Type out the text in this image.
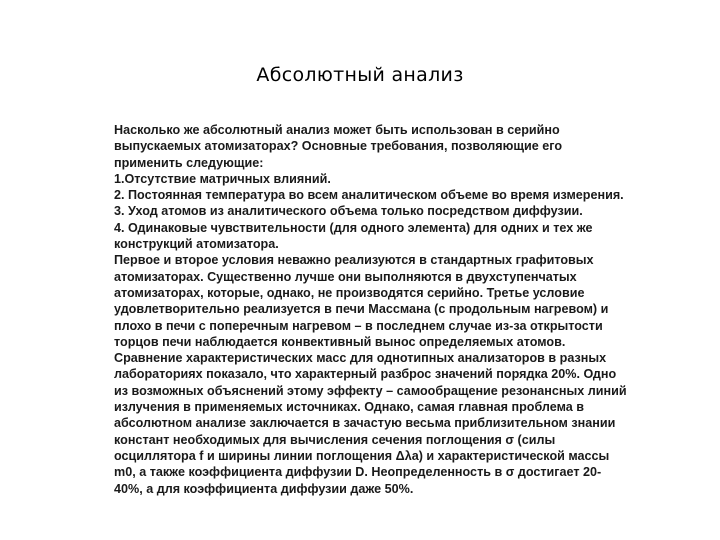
Абсолютный анализ
Насколько же абсолютный анализ может быть использован в серийно
выпускаемых атомизаторах? Основные требования, позволяющие его
применить следующие:
1.Отсутствие матричных влияний.
2. Постоянная температура во всем аналитическом объеме во время измерения.
3. Уход атомов из аналитического объема только посредством диффузии.
4. Одинаковые чувствительности (для одного элемента) для одних и тех же
конструкций атомизатора.
Первое и второе условия неважно реализуются в стандартных графитовых
атомизаторах. Существенно лучше они выполняются в двухступенчатых
атомизаторах, которые, однако, не производятся серийно. Третье условие
удовлетворительно реализуется в печи Массмана (с продольным нагревом) и
плохо в печи с поперечным нагревом – в последнем случае из-за открытости
торцов печи наблюдается конвективный вынос определяемых атомов.
Сравнение характеристических масс для однотипных анализаторов в разных
лабораториях показало, что характерный разброс значений порядка 20%. Одно
из возможных объяснений этому эффекту – самообращение резонансных линий
излучения в применяемых источниках. Однако, самая главная проблема в
абсолютном анализе заключается в зачастую весьма приблизительном знании
констант необходимых для вычисления сечения поглощения σ (силы
осциллятора f и ширины линии поглощения Δλа) и характеристической массы
m0, а также коэффициента диффузии D. Неопределенность в σ достигает 20-
40%, а для коэффициента диффузии даже 50%.
